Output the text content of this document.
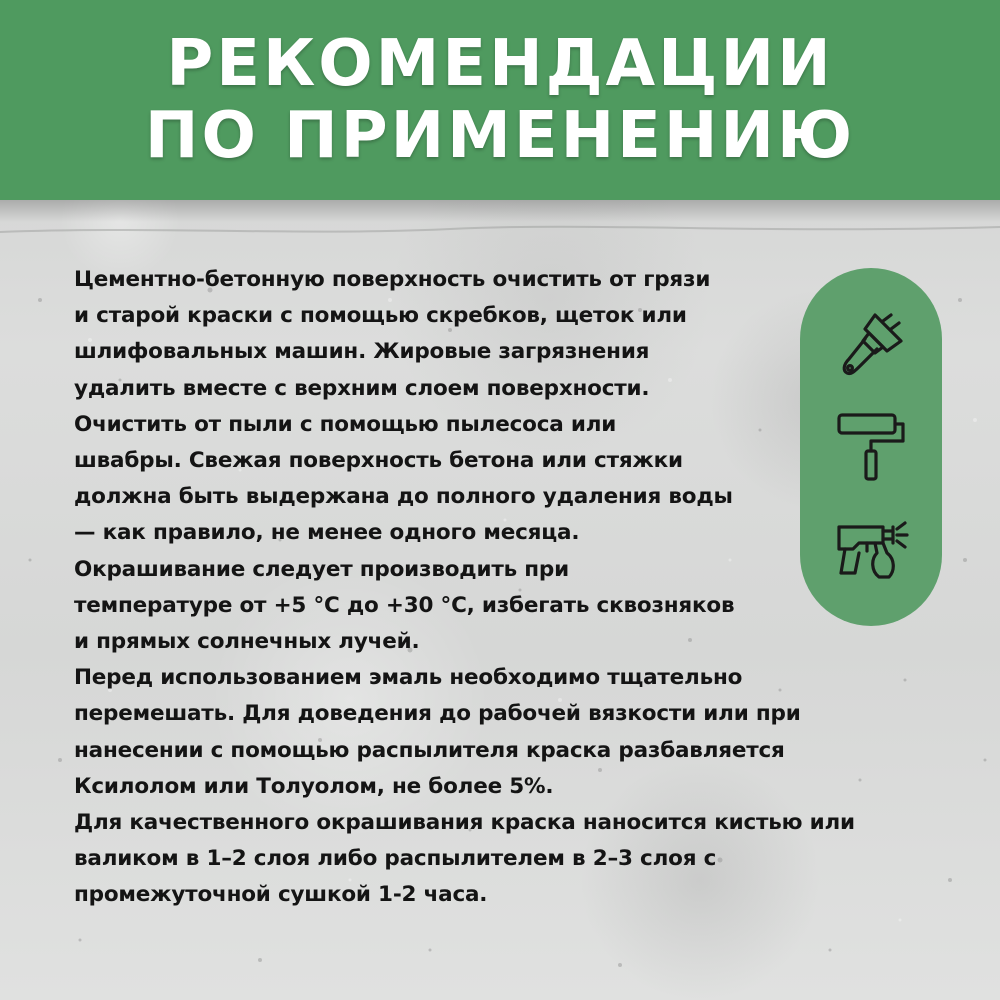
РЕКОМЕНДАЦИИ
ПО ПРИМЕНЕНИЮ
Цементно-бетонную поверхность очистить от грязи
и старой краски с помощью скребков, щеток или
шлифовальных машин. Жировые загрязнения
удалить вместе с верхним слоем поверхности.
Очистить от пыли с помощью пылесоса или
швабры. Свежая поверхность бетона или стяжки
должна быть выдержана до полного удаления воды
— как правило, не менее одного месяца.
Окрашивание следует производить при
температуре от +5 °С до +30 °С, избегать сквозняков
и прямых солнечных лучей.
Перед использованием эмаль необходимо тщательно
перемешать. Для доведения до рабочей вязкости или при
нанесении с помощью распылителя краска разбавляется
Ксилолом или Толуолом, не более 5%.
Для качественного окрашивания краска наносится кистью или
валиком в 1–2 слоя либо распылителем в 2–3 слоя с
промежуточной сушкой 1-2 часа.
